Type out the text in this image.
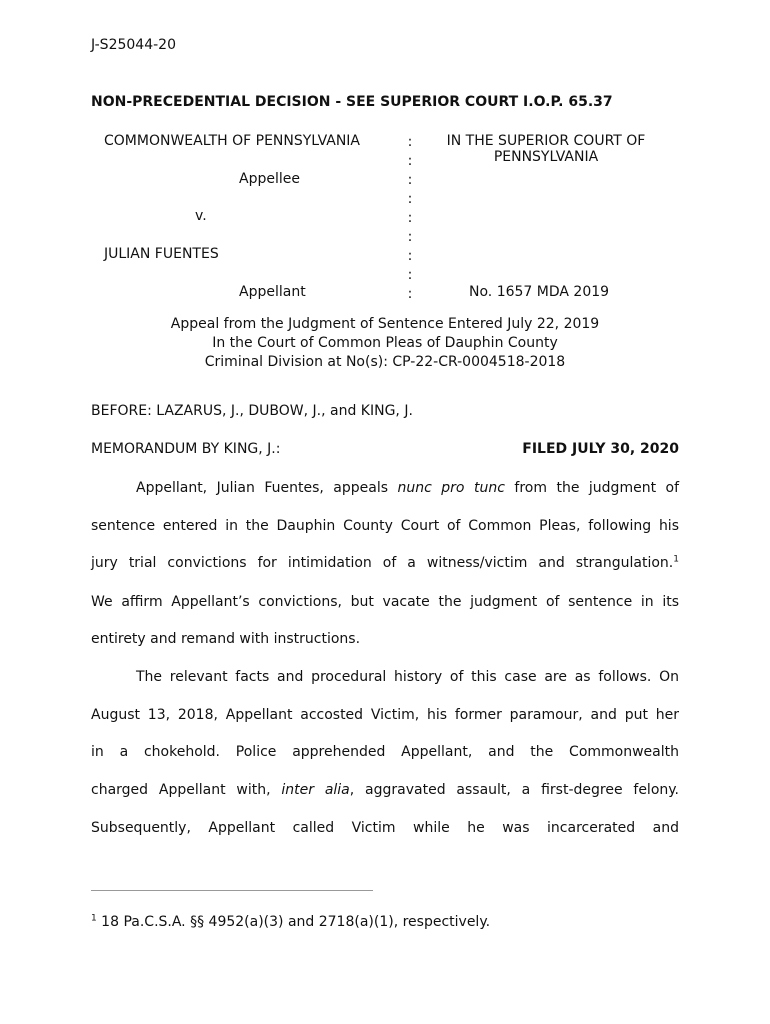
J-S25044-20
NON-PRECEDENTIAL DECISION - SEE SUPERIOR COURT I.O.P. 65.37
COMMONWEALTH OF PENNSYLVANIA
Appellee
v.
JULIAN FUENTES
Appellant
:
:
:
:
:
:
:
:
:
IN THE SUPERIOR COURT OF
PENNSYLVANIA
No. 1657 MDA 2019
Appeal from the Judgment of Sentence Entered July 22, 2019
In the Court of Common Pleas of Dauphin County
Criminal Division at No(s): CP-22-CR-0004518-2018
BEFORE: LAZARUS, J., DUBOW, J., and KING, J.
MEMORANDUM BY KING, J.:	FILED JULY 30, 2020
Appellant, Julian Fuentes, appeals nunc pro tunc from the judgment of
sentence entered in the Dauphin County Court of Common Pleas, following his
jury trial convictions for intimidation of a witness/victim and strangulation.$^1$
We affirm Appellant’s convictions, but vacate the judgment of sentence in its
entirety and remand with instructions.
The relevant facts and procedural history of this case are as follows. On
August 13, 2018, Appellant accosted Victim, his former paramour, and put her
in a chokehold. Police apprehended Appellant, and the Commonwealth
charged Appellant with, inter alia, aggravated assault, a first-degree felony.
Subsequently, Appellant called Victim while he was incarcerated and
$^1$ 18 Pa.C.S.A. §§ 4952(a)(3) and 2718(a)(1), respectively.
